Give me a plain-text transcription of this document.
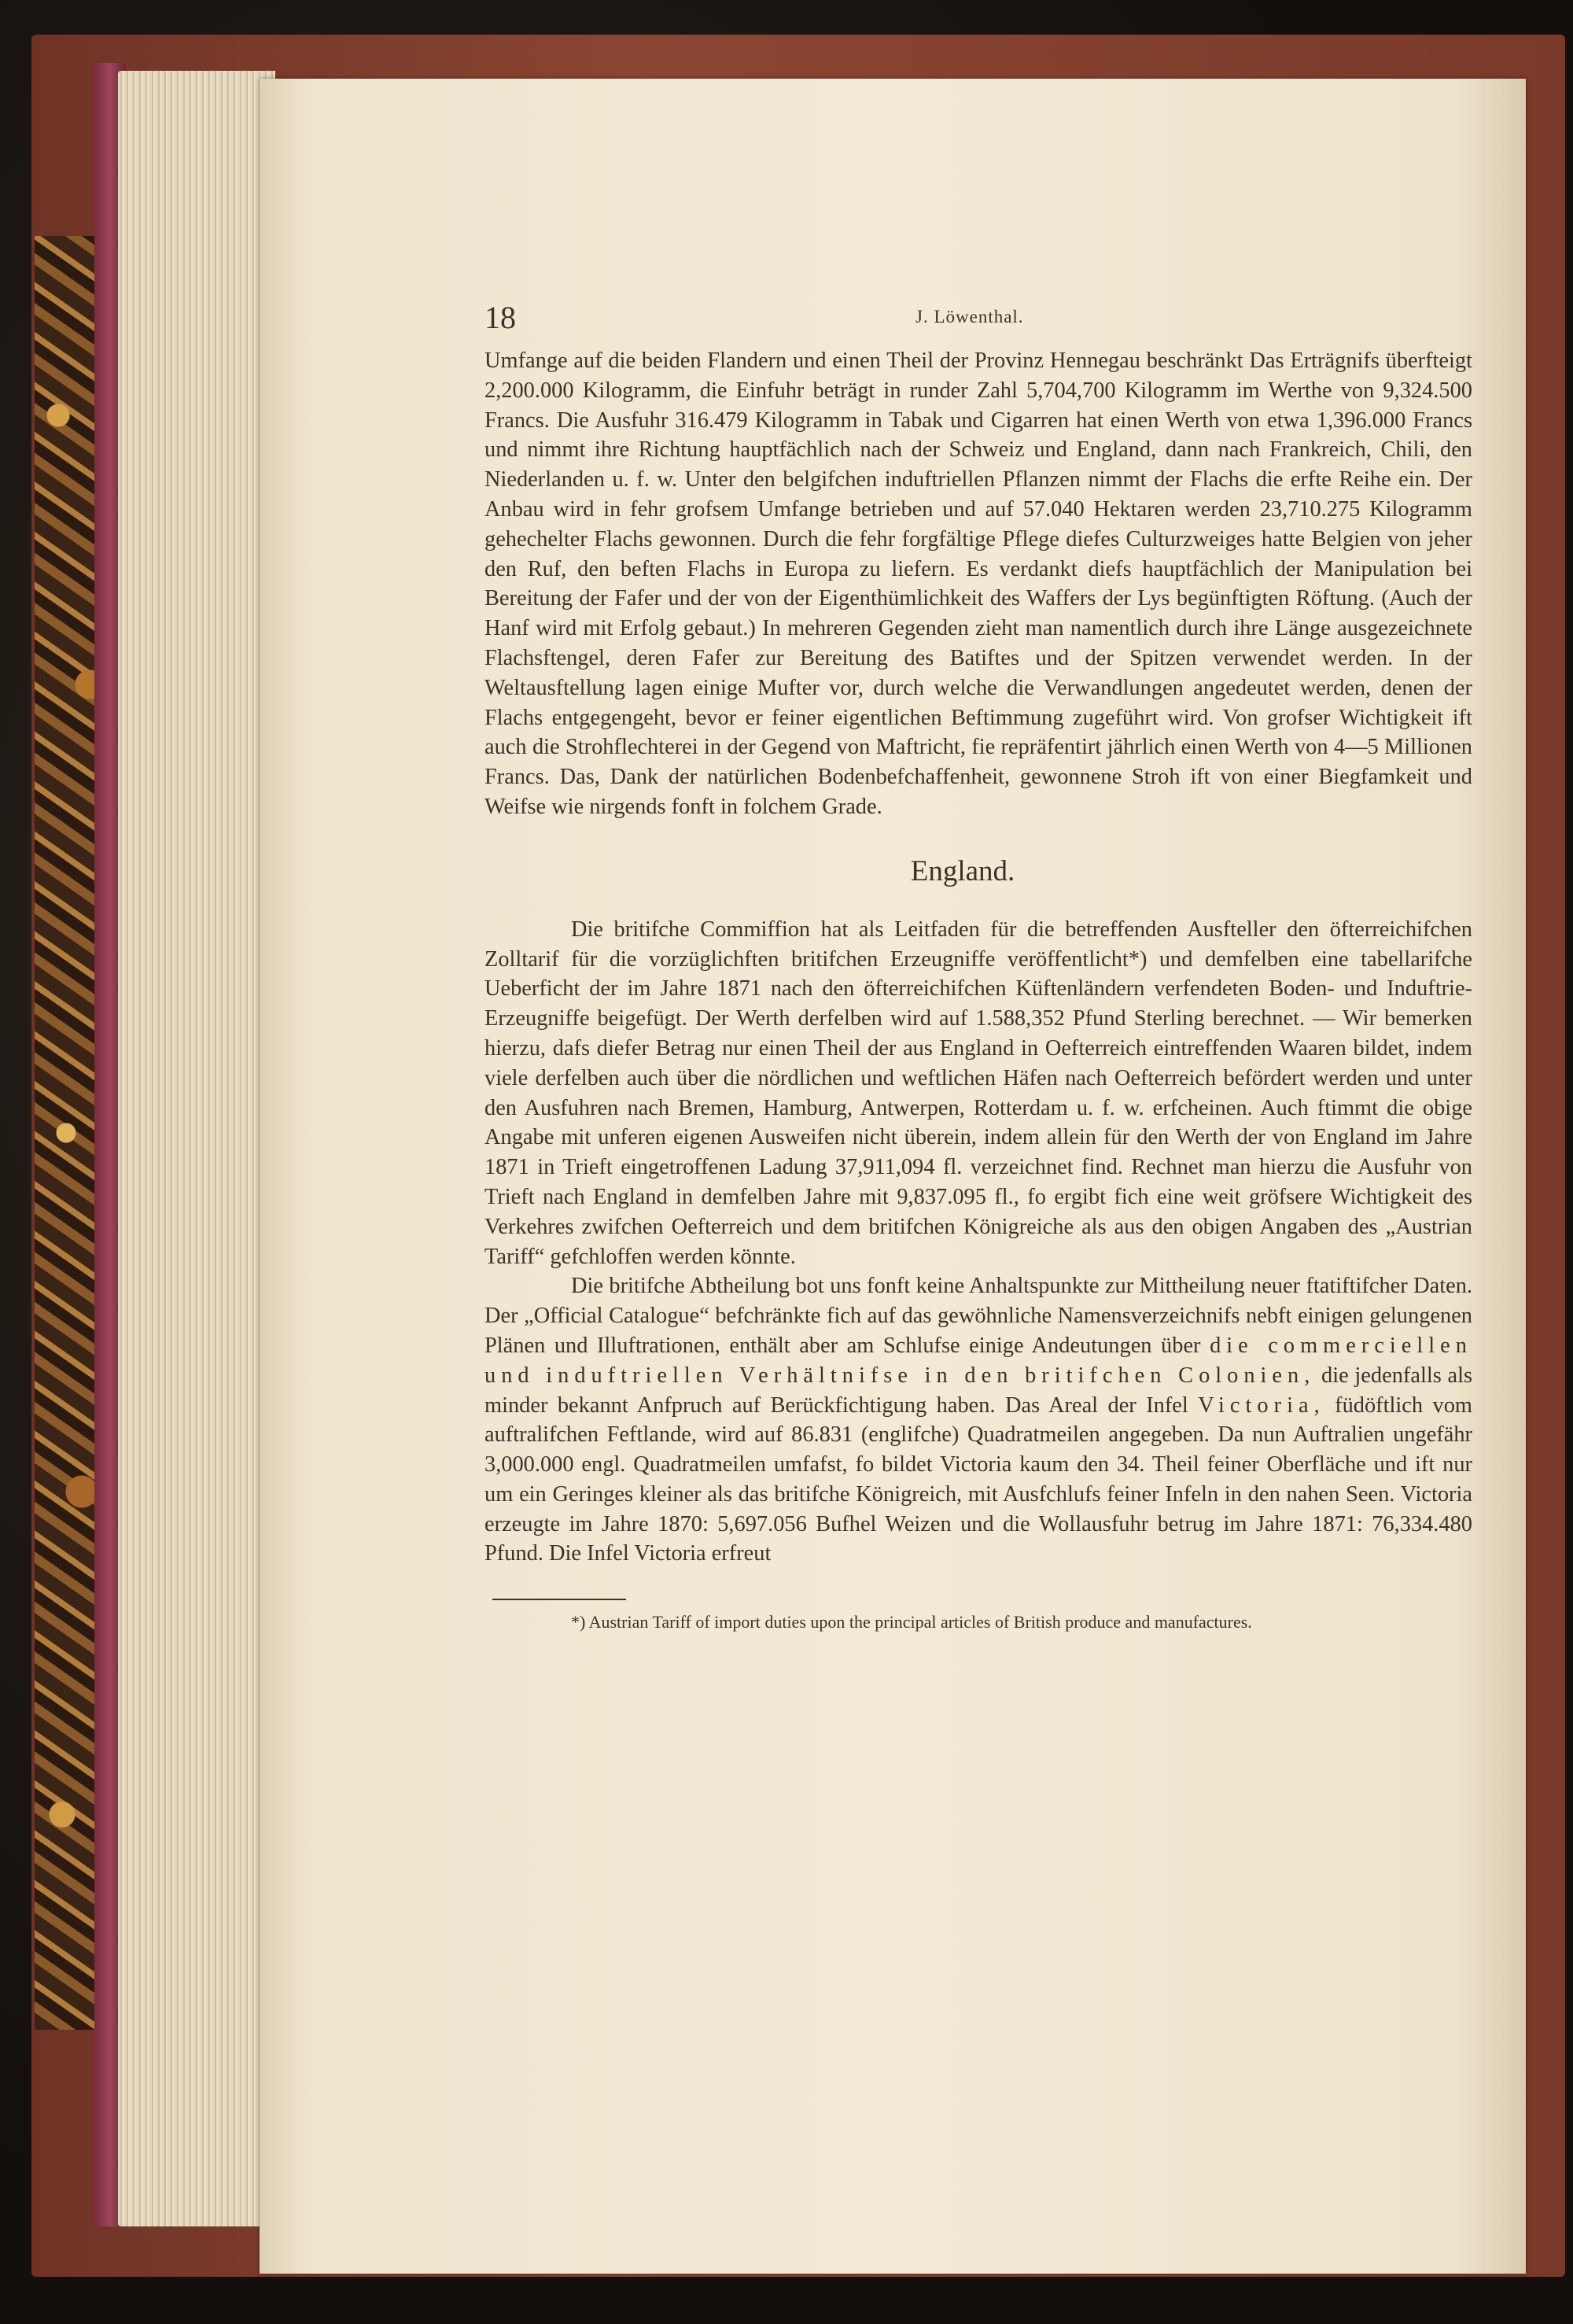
18	J. Löwenthal.

Umfange auf die beiden Flandern und einen Theil der Provinz Hennegau beschränkt Das Erträgnifs überfteigt 2,200.000 Kilogramm, die Einfuhr beträgt in runder Zahl 5,704,700 Kilogramm im Werthe von 9,324.500 Francs. Die Ausfuhr 316.479 Kilogramm in Tabak und Cigarren hat einen Werth von etwa 1,396.000 Francs und nimmt ihre Richtung hauptfächlich nach der Schweiz und England, dann nach Frankreich, Chili, den Niederlanden u. f. w. Unter den belgifchen induftriellen Pflanzen nimmt der Flachs die erfte Reihe ein. Der Anbau wird in fehr grofsem Umfange betrieben und auf 57.040 Hektaren werden 23,710.275 Kilogramm gehechelter Flachs gewonnen. Durch die fehr forgfältige Pflege diefes Culturzweiges hatte Belgien von jeher den Ruf, den beften Flachs in Europa zu liefern. Es verdankt diefs hauptfächlich der Manipulation bei Bereitung der Fafer und der von der Eigenthümlichkeit des Waffers der Lys begünftigten Röftung. (Auch der Hanf wird mit Erfolg gebaut.) In mehreren Gegenden zieht man namentlich durch ihre Länge ausgezeichnete Flachsftengel, deren Fafer zur Bereitung des Batiftes und der Spitzen verwendet werden. In der Weltausftellung lagen einige Mufter vor, durch welche die Verwandlungen angedeutet werden, denen der Flachs entgegengeht, bevor er feiner eigentlichen Beftimmung zugeführt wird. Von grofser Wichtigkeit ift auch die Strohflechterei in der Gegend von Maftricht, fie repräfentirt jährlich einen Werth von 4—5 Millionen Francs. Das, Dank der natürlichen Bodenbefchaffenheit, gewonnene Stroh ift von einer Biegfamkeit und Weifse wie nirgends fonft in folchem Grade.

England.

Die britifche Commiffion hat als Leitfaden für die betreffenden Ausfteller den öfterreichifchen Zolltarif für die vorzüglichften britifchen Erzeugniffe veröffentlicht*) und demfelben eine tabellarifche Ueberficht der im Jahre 1871 nach den öfterreichifchen Küftenländern verfendeten Boden- und Induftrie-Erzeugniffe beigefügt. Der Werth derfelben wird auf 1.588,352 Pfund Sterling berechnet. — Wir bemerken hierzu, dafs diefer Betrag nur einen Theil der aus England in Oefterreich eintreffenden Waaren bildet, indem viele derfelben auch über die nördlichen und weftlichen Häfen nach Oefterreich befördert werden und unter den Ausfuhren nach Bremen, Hamburg, Antwerpen, Rotterdam u. f. w. erfcheinen. Auch ftimmt die obige Angabe mit unferen eigenen Ausweifen nicht überein, indem allein für den Werth der von England im Jahre 1871 in Trieft eingetroffenen Ladung 37,911,094 fl. verzeichnet find. Rechnet man hierzu die Ausfuhr von Trieft nach England in demfelben Jahre mit 9,837.095 fl., fo ergibt fich eine weit gröfsere Wichtigkeit des Verkehres zwifchen Oefterreich und dem britifchen Königreiche als aus den obigen Angaben des „Austrian Tariff“ gefchloffen werden könnte.

Die britifche Abtheilung bot uns fonft keine Anhaltspunkte zur Mittheilung neuer ftatiftifcher Daten. Der „Official Catalogue“ befchränkte fich auf das gewöhnliche Namensverzeichnifs nebft einigen gelungenen Plänen und Illuftrationen, enthält aber am Schlufse einige Andeutungen über die commerciellen und induftriellen Verhältnifse in den britifchen Colonien, die jedenfalls als minder bekannt Anfpruch auf Berückfichtigung haben. Das Areal der Infel Victoria, füdöftlich vom auftralifchen Feftlande, wird auf 86.831 (englifche) Quadratmeilen angegeben. Da nun Auftralien ungefähr 3,000.000 engl. Quadratmeilen umfafst, fo bildet Victoria kaum den 34. Theil feiner Oberfläche und ift nur um ein Geringes kleiner als das britifche Königreich, mit Ausfchlufs feiner Infeln in den nahen Seen. Victoria erzeugte im Jahre 1870: 5,697.056 Bufhel Weizen und die Wollausfuhr betrug im Jahre 1871: 76,334.480 Pfund. Die Infel Victoria erfreut

*) Austrian Tariff of import duties upon the principal articles of British produce and manufactures.
